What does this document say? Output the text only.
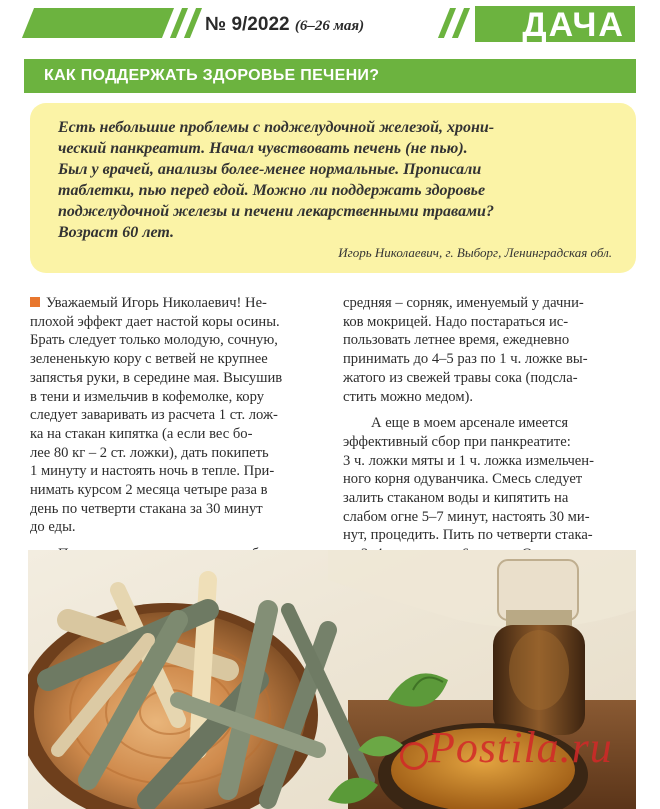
№ 9/2022 (6–26 мая)	ДАЧА
КАК ПОДДЕРЖАТЬ ЗДОРОВЬЕ ПЕЧЕНИ?

Есть небольшие проблемы с поджелудочной железой, хрони-

ческий панкреатит. Начал чувствовать печень (не пью).

Был у врачей, анализы более-менее нормальные. Прописали

таблетки, пью перед едой. Можно ли поддержать здоровье

поджелудочной железы и печени лекарственными травами?

Возраст 60 лет.

Игорь Николаевич, г. Выборг, Ленинградская обл.

Уважаемый Игорь Николаевич! Не-

плохой эффект дает настой коры осины.

Брать следует только молодую, сочную,

зелененькую кору с ветвей не крупнее

запястья руки, в середине мая. Высушив

в тени и измельчив в кофемолке, кору

следует заваривать из расчета 1 ст. лож-

ка на стакан кипятка (а если вес бо-

лее 80 кг – 2 ст. ложки), дать покипеть

1 минуту и настоять ночь в тепле. При-

нимать курсом 2 месяца четыре раза в

день по четверти стакана за 30 минут

до еды.

средняя – сорняк, именуемый у дачни-

ков мокрицей. Надо постараться ис-

пользовать летнее время, ежедневно

принимать до 4–5 раз по 1 ч. ложке вы-

жатого из свежей травы сока (подсла-

стить можно медом).

А еще в моем арсенале имеется

эффективный сбор при панкреатите:

3 ч. ложки мяты и 1 ч. ложка измельчен-

ного корня одуванчика. Смесь следует

залить стаканом воды и кипятить на

слабом огне 5–7 минут, настоять 30 ми-

нут, процедить. Пить по четверти стака-

Postila.ru
